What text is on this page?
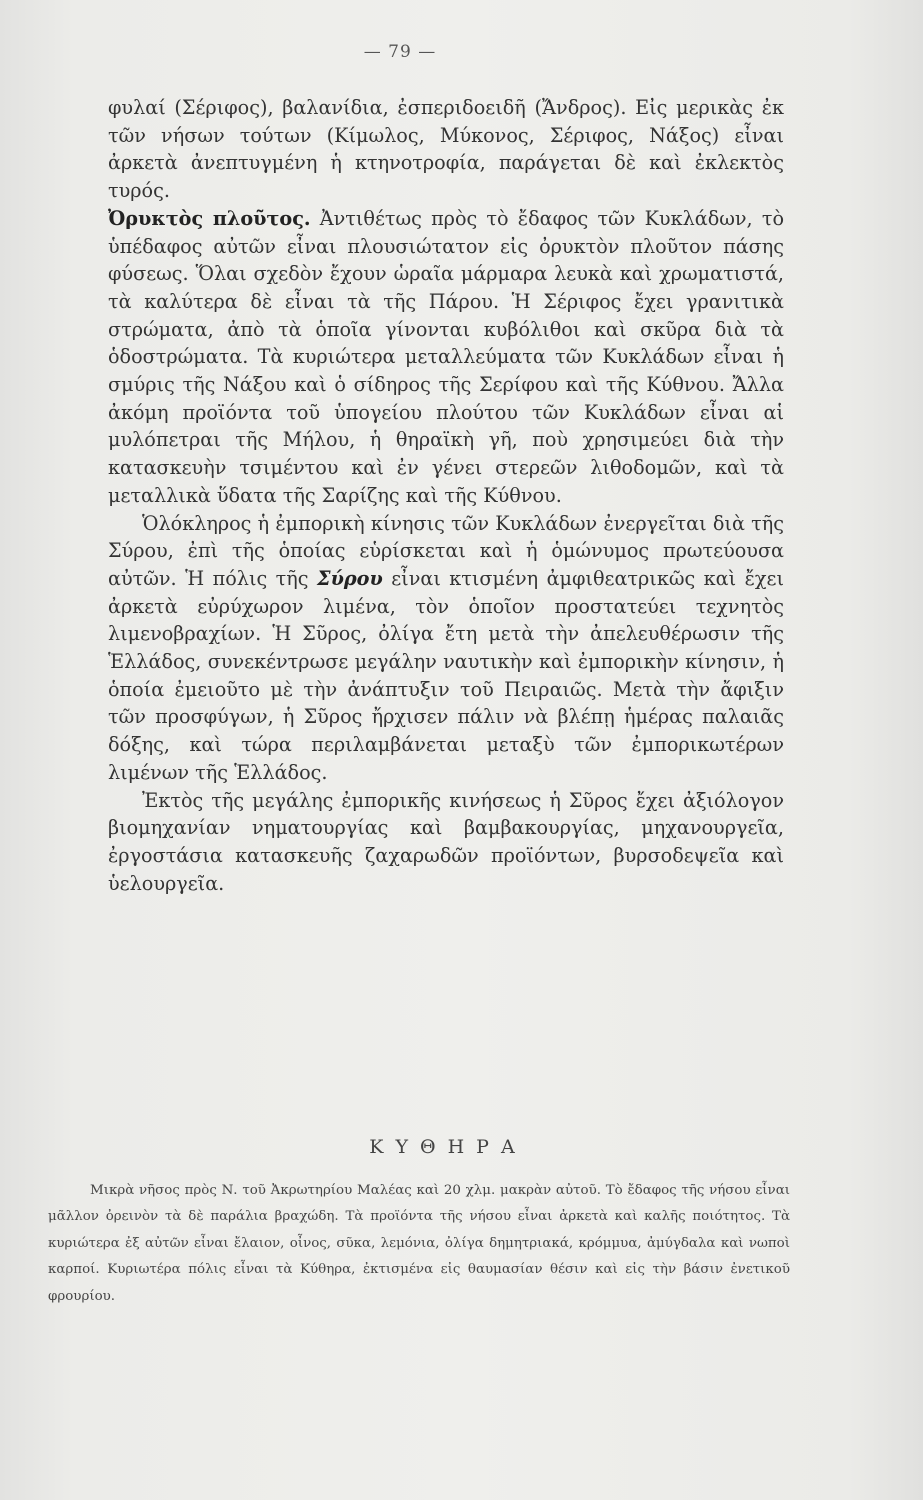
— 79 —

φυλαί (Σέριφος), βαλανίδια, ἐσπεριδοειδῆ (Ἄνδρος). Εἰς μερικὰς ἐκ τῶν νήσων τούτων (Κίμωλος, Μύκονος, Σέριφος, Νάξος) εἶναι ἀρκετὰ ἀνεπτυγμένη ἡ κτηνοτροφία, παράγεται δὲ καὶ ἐκλεκτὸς τυρός.

Ὀρυκτὸς πλοῦτος. Ἀντιθέτως πρὸς τὸ ἔδαφος τῶν Κυκλάδων, τὸ ὑπέδαφος αὐτῶν εἶναι πλουσιώτατον εἰς ὀρυκτὸν πλοῦτον πάσης φύσεως. Ὅλαι σχεδὸν ἔχουν ὡραῖα μάρμαρα λευκὰ καὶ χρωματιστά, τὰ καλύτερα δὲ εἶναι τὰ τῆς Πάρου. Ἡ Σέριφος ἔχει γρανιτικὰ στρώματα, ἀπὸ τὰ ὁποῖα γίνονται κυβόλιθοι καὶ σκῦρα διὰ τὰ ὁδοστρώματα. Τὰ κυριώτερα μεταλλεύματα τῶν Κυκλάδων εἶναι ἡ σμύρις τῆς Νάξου καὶ ὁ σίδηρος τῆς Σερίφου καὶ τῆς Κύθνου. Ἄλλα ἀκόμη προϊόντα τοῦ ὑπογείου πλούτου τῶν Κυκλάδων εἶναι αἱ μυλόπετραι τῆς Μήλου, ἡ θηραϊκὴ γῆ, ποὺ χρησιμεύει διὰ τὴν κατασκευὴν τσιμέντου καὶ ἐν γένει στερεῶν λιθοδομῶν, καὶ τὰ μεταλλικὰ ὕδατα τῆς Σαρίζης καὶ τῆς Κύθνου.

Ὁλόκληρος ἡ ἐμπορικὴ κίνησις τῶν Κυκλάδων ἐνεργεῖται διὰ τῆς Σύρου, ἐπὶ τῆς ὁποίας εὑρίσκεται καὶ ἡ ὁμώνυμος πρωτεύουσα αὐτῶν. Ἡ πόλις τῆς Σύρου εἶναι κτισμένη ἀμφιθεατρικῶς καὶ ἔχει ἀρκετὰ εὐρύχωρον λιμένα, τὸν ὁποῖον προστατεύει τεχνητὸς λιμενοβραχίων. Ἡ Σῦρος, ὀλίγα ἔτη μετὰ τὴν ἀπελευθέρωσιν τῆς Ἑλλάδος, συνεκέντρωσε μεγάλην ναυτικὴν καὶ ἐμπορικὴν κίνησιν, ἡ ὁποία ἐμειοῦτο μὲ τὴν ἀνάπτυξιν τοῦ Πειραιῶς. Μετὰ τὴν ἄφιξιν τῶν προσφύγων, ἡ Σῦρος ἤρχισεν πάλιν νὰ βλέπῃ ἡμέρας παλαιᾶς δόξης, καὶ τώρα περιλαμβάνεται μεταξὺ τῶν ἐμπορικωτέρων λιμένων τῆς Ἑλλάδος.

Ἐκτὸς τῆς μεγάλης ἐμπορικῆς κινήσεως ἡ Σῦρος ἔχει ἀξιόλογον βιομηχανίαν νηματουργίας καὶ βαμβακουργίας, μηχανουργεῖα, ἐργοστάσια κατασκευῆς ζαχαρωδῶν προϊόντων, βυρσοδεψεῖα καὶ ὑελουργεῖα.

ΚΥΘΗΡΑ

Μικρὰ νῆσος πρὸς Ν. τοῦ Ἀκρωτηρίου Μαλέας καὶ 20 χλμ. μακρὰν αὐτοῦ. Τὸ ἔδαφος τῆς νήσου εἶναι μᾶλλον ὀρεινὸν τὰ δὲ παράλια βραχώδη. Τὰ προϊόντα τῆς νήσου εἶναι ἀρκετὰ καὶ καλῆς ποιότητος. Τὰ κυριώτερα ἐξ αὐτῶν εἶναι ἔλαιον, οἶνος, σῦκα, λεμόνια, ὀλίγα δημητριακά, κρόμμυα, ἀμύγδαλα καὶ νωποὶ καρποί. Κυριωτέρα πόλις εἶναι τὰ Κύθηρα, ἐκτισμένα εἰς θαυμασίαν θέσιν καὶ εἰς τὴν βάσιν ἐνετικοῦ φρουρίου.
